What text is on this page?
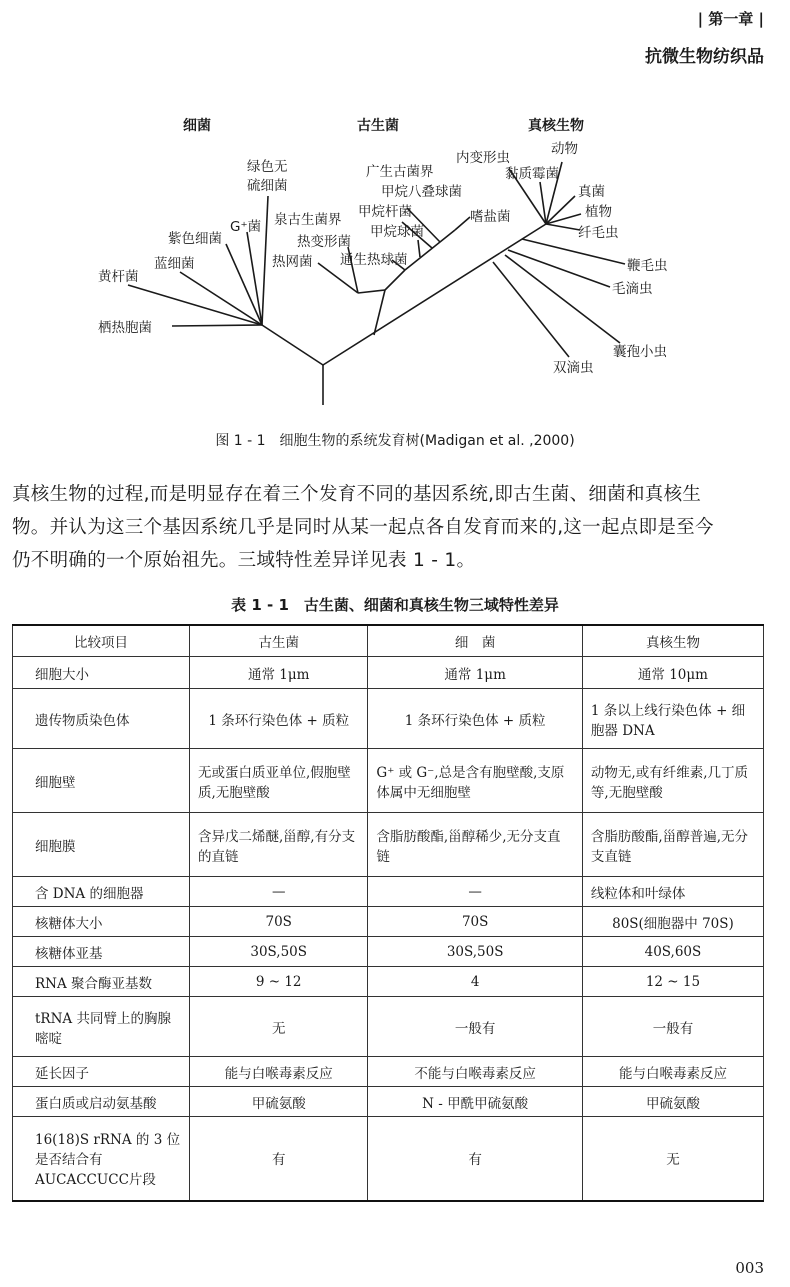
| 第一章 |
抗微生物纺织品
细菌	古生菌	真核生物
栖热胞菌
黄杆菌
蓝细菌
紫色细菌
G⁺菌
绿色无
硫细菌
热网菌
热变形菌
泉古生菌界
通生热球菌
甲烷球菌
甲烷杆菌
甲烷八叠球菌
广生古菌界
嗜盐菌
内变形虫
黏质霉菌
动物
真菌
植物
纤毛虫
鞭毛虫
毛滴虫
囊孢小虫
双滴虫
图 1 - 1　细胞生物的系统发育树(Madigan et al. ,2000)

真核生物的过程,而是明显存在着三个发育不同的基因系统,即古生菌、细菌和真核生
物。并认为这三个基因系统几乎是同时从某一起点各自发育而来的,这一起点即是至今
仍不明确的一个原始祖先。三域特性差异详见表 1 - 1。

表 1 - 1　古生菌、细菌和真核生物三域特性差异
比较项目	古生菌	细　菌	真核生物
细胞大小	通常 1μm	通常 1μm	通常 10μm
遗传物质染色体	1 条环行染色体 + 质粒	1 条环行染色体 + 质粒	1 条以上线行染色体 + 细胞器 DNA
细胞壁	无或蛋白质亚单位,假胞壁质,无胞壁酸	G⁺ 或 G⁻,总是含有胞壁酸,支原体属中无细胞壁	动物无,或有纤维素,几丁质等,无胞壁酸
细胞膜	含异戊二烯醚,甾醇,有分支的直链	含脂肪酸酯,甾醇稀少,无分支直链	含脂肪酸酯,甾醇普遍,无分支直链
含 DNA 的细胞器	—	—	线粒体和叶绿体
核糖体大小	70S	70S	80S(细胞器中 70S)
核糖体亚基	30S,50S	30S,50S	40S,60S
RNA 聚合酶亚基数	9 ~ 12	4	12 ~ 15
tRNA 共同臂上的胸腺嘧啶	无	一般有	一般有
延长因子	能与白喉毒素反应	不能与白喉毒素反应	能与白喉毒素反应
蛋白质或启动氨基酸	甲硫氨酸	N - 甲酰甲硫氨酸	甲硫氨酸
16(18)S rRNA 的 3 位是否结合有AUCACCUCC片段	有	有	无
003
